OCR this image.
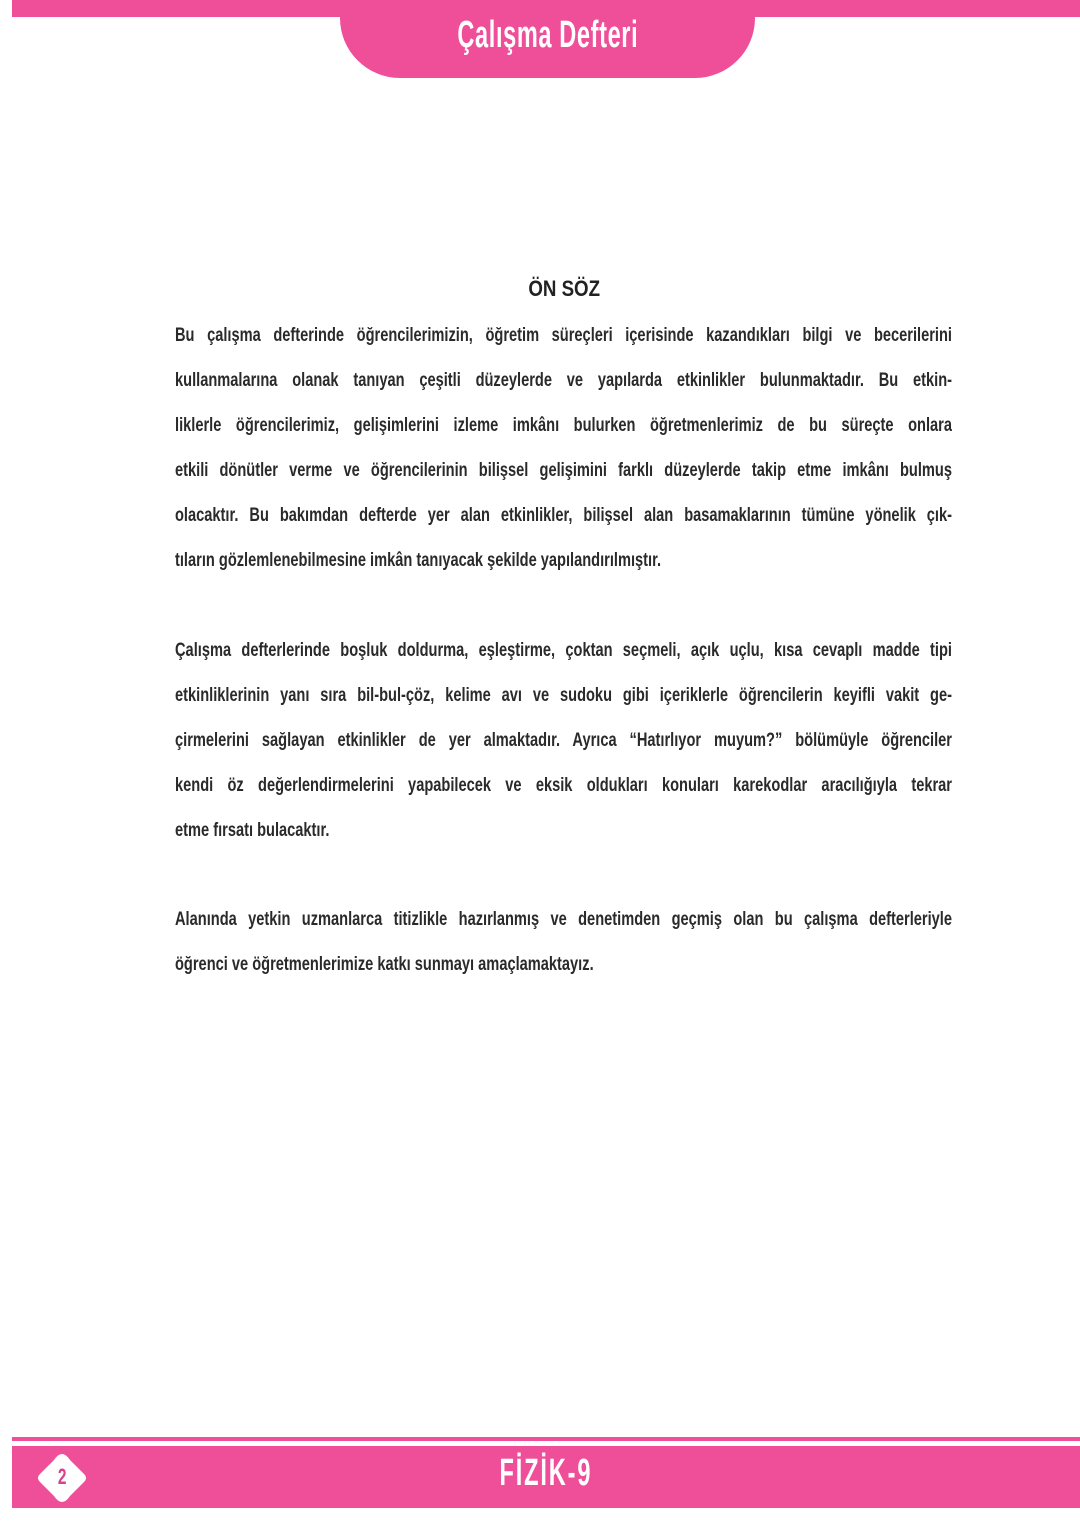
Çalışma Defteri
ÖN SÖZ
Bu çalışma defterinde öğrencilerimizin, öğretim süreçleri içerisinde kazandıkları bilgi ve becerilerini
kullanmalarına olanak tanıyan çeşitli düzeylerde ve yapılarda etkinlikler bulunmaktadır. Bu etkin-
liklerle öğrencilerimiz, gelişimlerini izleme imkânı bulurken öğretmenlerimiz de bu süreçte onlara
etkili dönütler verme ve öğrencilerinin bilişsel gelişimini farklı düzeylerde takip etme imkânı bulmuş
olacaktır. Bu bakımdan defterde yer alan etkinlikler, bilişsel alan basamaklarının tümüne yönelik çık-
tıların gözlemlenebilmesine imkân tanıyacak şekilde yapılandırılmıştır.
Çalışma defterlerinde boşluk doldurma, eşleştirme, çoktan seçmeli, açık uçlu, kısa cevaplı madde tipi
etkinliklerinin yanı sıra bil-bul-çöz, kelime avı ve sudoku gibi içeriklerle öğrencilerin keyifli vakit ge-
çirmelerini sağlayan etkinlikler de yer almaktadır. Ayrıca “Hatırlıyor muyum?” bölümüyle öğrenciler
kendi öz değerlendirmelerini yapabilecek ve eksik oldukları konuları karekodlar aracılığıyla tekrar
etme fırsatı bulacaktır.
Alanında yetkin uzmanlarca titizlikle hazırlanmış ve denetimden geçmiş olan bu çalışma defterleriyle
öğrenci ve öğretmenlerimize katkı sunmayı amaçlamaktayız.
2	FİZİK-9
